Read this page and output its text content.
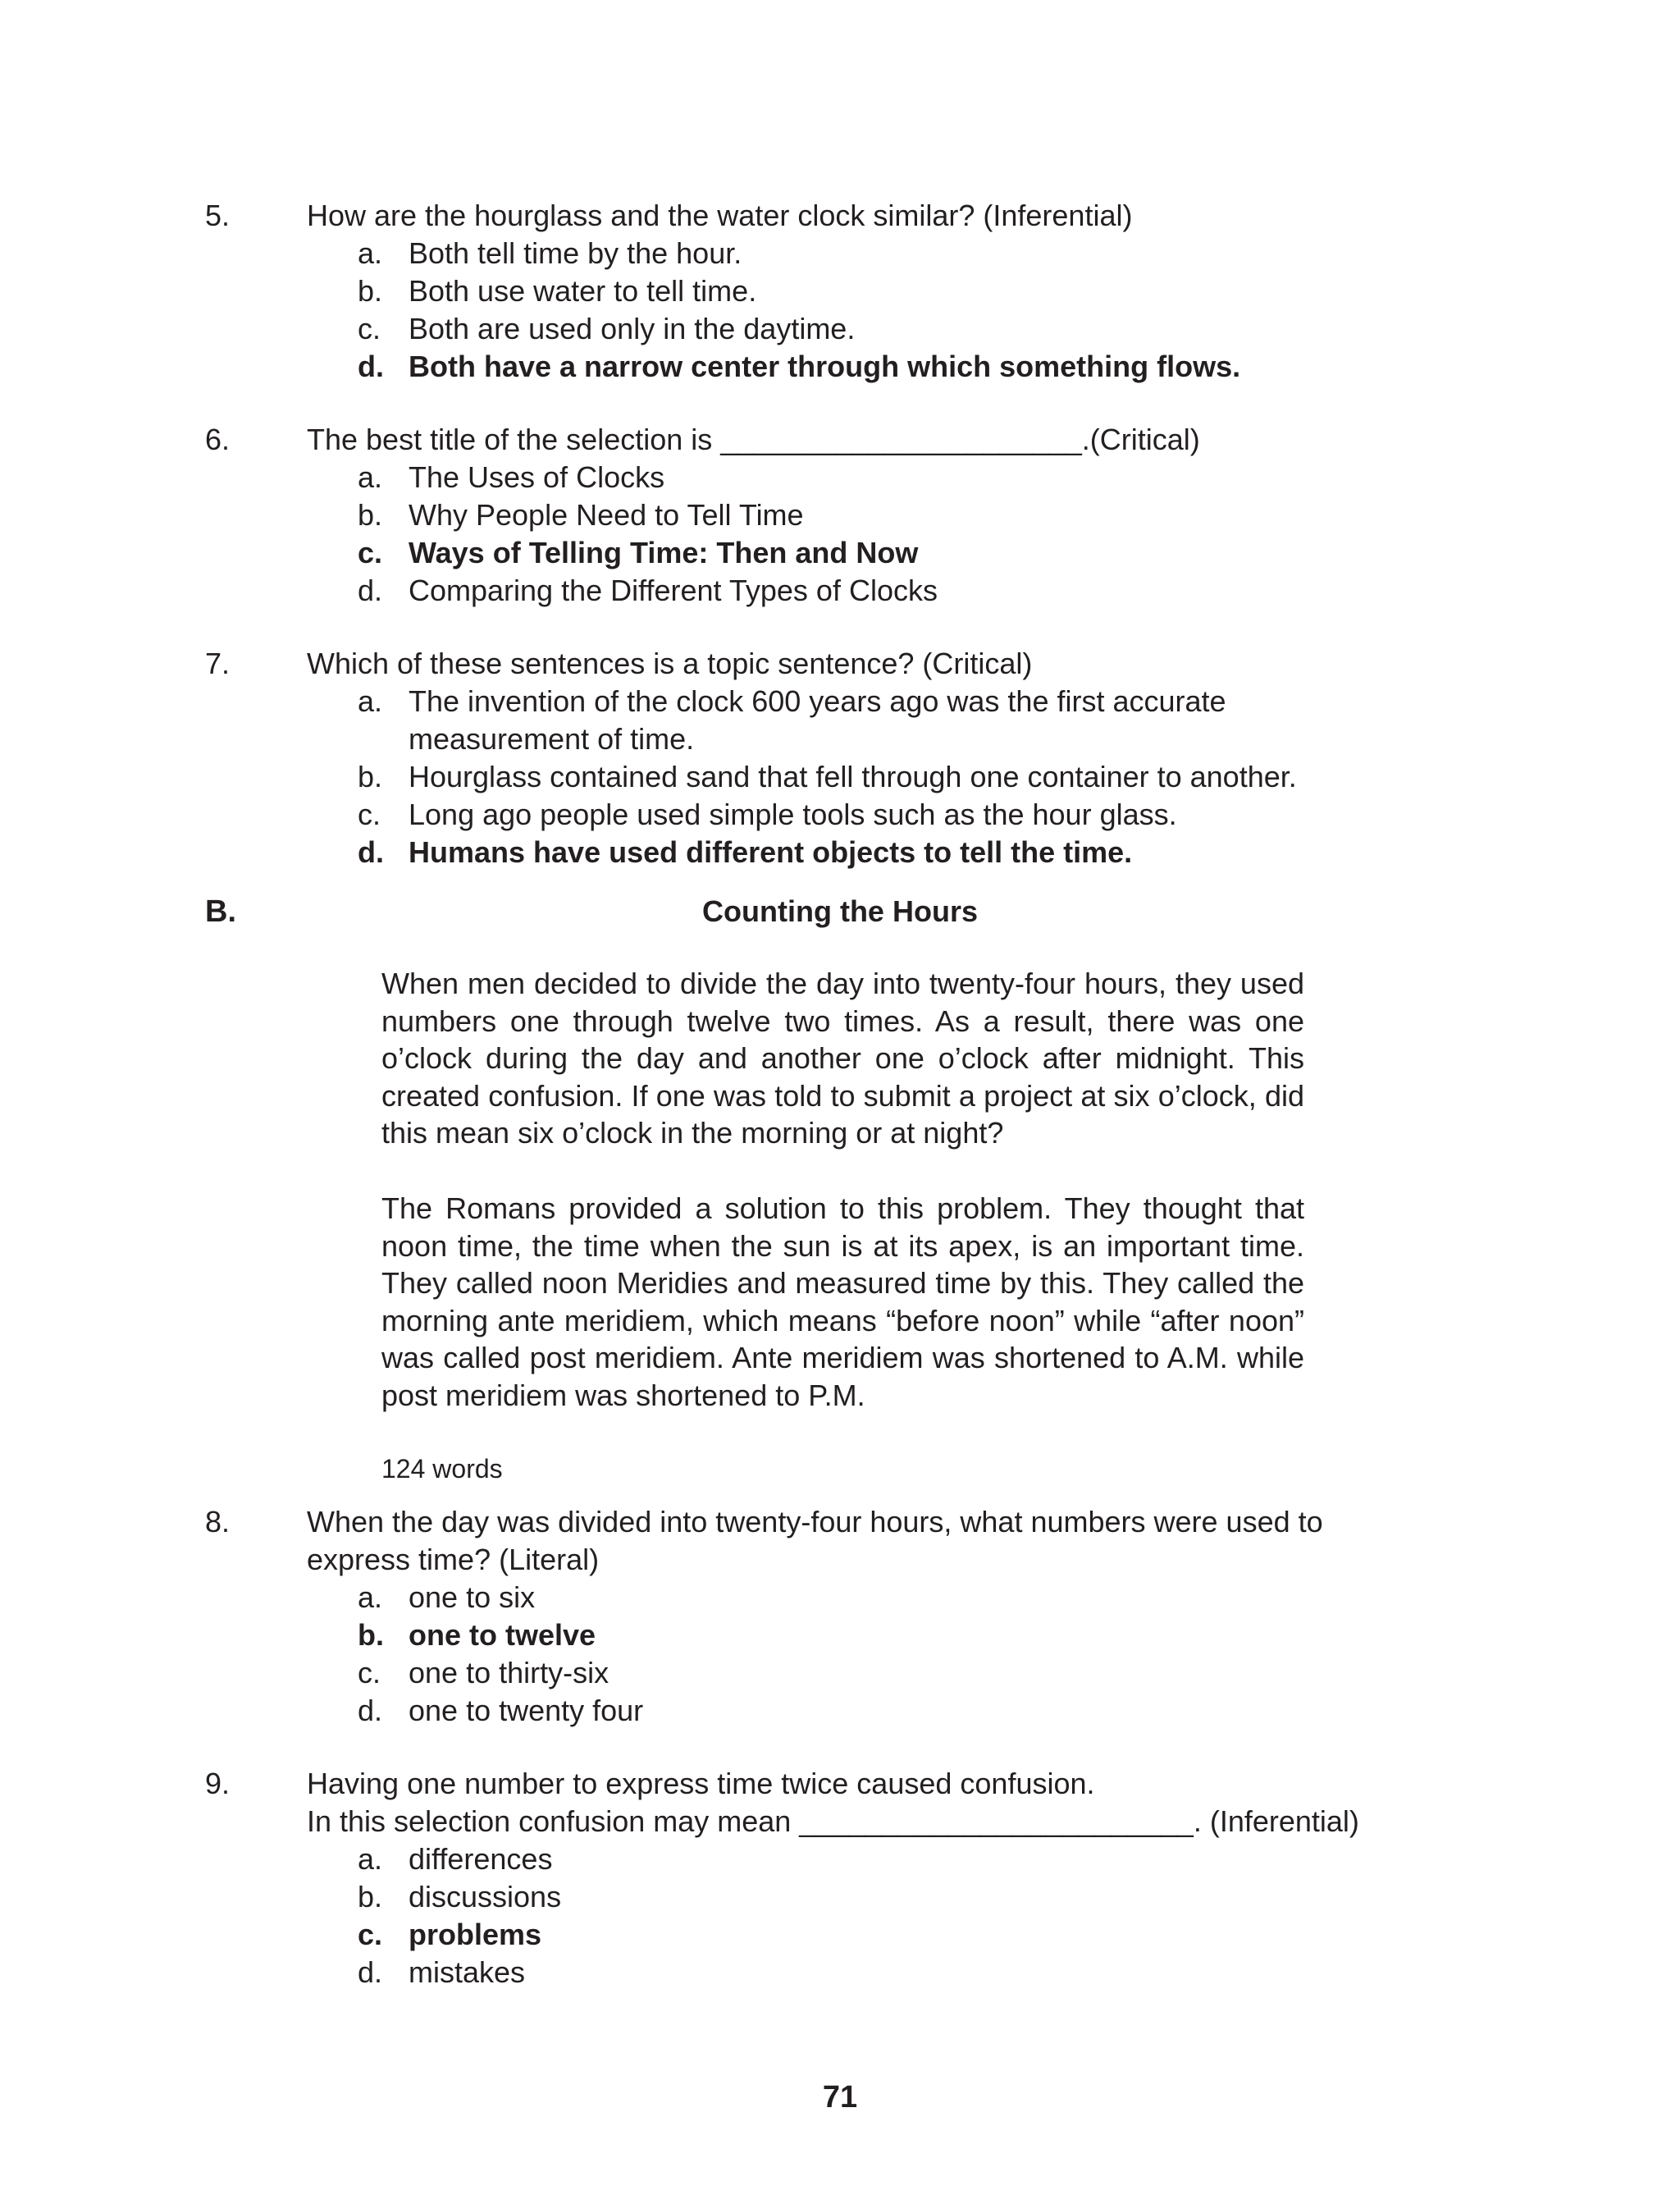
5.	How are the hourglass and the water clock similar? (Inferential)
a. Both tell time by the hour.
b. Both use water to tell time.
c. Both are used only in the daytime.
d. Both have a narrow center through which something flows.
6.	The best title of the selection is ______________________.(Critical)
a. The Uses of Clocks
b. Why People Need to Tell Time
c. Ways of Telling Time: Then and Now
d. Comparing the Different Types of Clocks
7.	Which of these sentences is a topic sentence? (Critical)
a. The invention of the clock 600 years ago was the first accurate
measurement of time.
b. Hourglass contained sand that fell through one container to another.
c. Long ago people used simple tools such as the hour glass.
d. Humans have used different objects to tell the time.
B.	Counting the Hours

When men decided to divide the day into twenty-four hours, they used numbers one through twelve two times. As a result, there was one o’clock during the day and another one o’clock after midnight. This created confusion. If one was told to submit a project at six o’clock, did this mean six o’clock in the morning or at night?

The Romans provided a solution to this problem. They thought that noon time, the time when the sun is at its apex, is an important time. They called noon Meridies and measured time by this. They called the morning ante meridiem, which means “before noon” while “after noon” was called post meridiem. Ante meridiem was shortened to A.M. while post meridiem was shortened to P.M.

124 words
8.	When the day was divided into twenty-four hours, what numbers were used to
express time? (Literal)
a. one to six
b. one to twelve
c. one to thirty-six
d. one to twenty four
9.	Having one number to express time twice caused confusion.
In this selection confusion may mean ________________________. (Inferential)
a. differences
b. discussions
c. problems
d. mistakes
71
